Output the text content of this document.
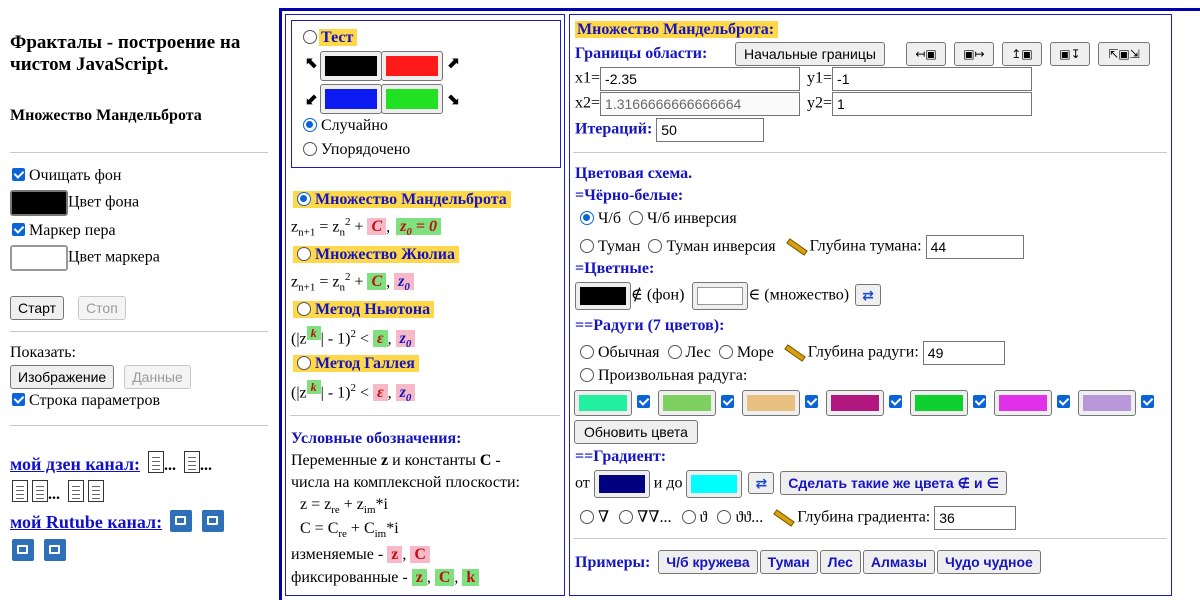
Фракталы - построение на чистом JavaScript.
Множество Мандельброта
Очищать фон
Цвет фона
Маркер пера
Цвет маркера
Старт Стоп
Показать:
Изображение Данные
Строка параметров
мой дзен канал: ... ...
...
мой Rutube канал:

Тест
⬉	⬈
⬋	⬊
Случайно
Упорядочено
Множество Мандельброта
$z_{n+1} = z_n^2 + C$ , $z_0 = 0$
Множество Жюлиа
$z_{n+1} = z_n^2 + C$ , $z_0$
Метод Ньютона
(|z $^k$ | - 1)$^2$ < ε , $z_0$
Метод Галлея
(|z $^k$ | - 1)$^2$ < ε , $z_0$
Условные обозначения:
Переменные z и константы C -
числа на комплексной плоскости:
$z = z_{re} + z_{im}*i$
$C = C_{re} + C_{im}*i$
изменяемые - z , C
фиксированные - z , C , k
Множество Мандельброта:
Границы области:	Начальные границы	↤▣ ▣↦ ↥▣ ▣↧ ⇱▣⇲
x1= -2.35	y1= -1
x2= 1.3166666666666664	y2= 1
Итераций: 50
Цветовая схема.
=Чёрно-белые:
Ч/б Ч/б инверсия
Туман Туман инверсия Глубина тумана: 44
=Цветные:
∉ (фон)	∈ (множество) ⇄
==Радуги (7 цветов):
Обычная Лес Море Глубина радуги: 49
Произвольная радуга:
Обновить цвета
==Градиент:
от	и до	⇄ Сделать такие же цвета ∉ и ∈
∇ ∇∇... ϑ ϑϑ... Глубина градиента: 36
Примеры: Ч/б кружева Туман Лес Алмазы Чудо чудное
